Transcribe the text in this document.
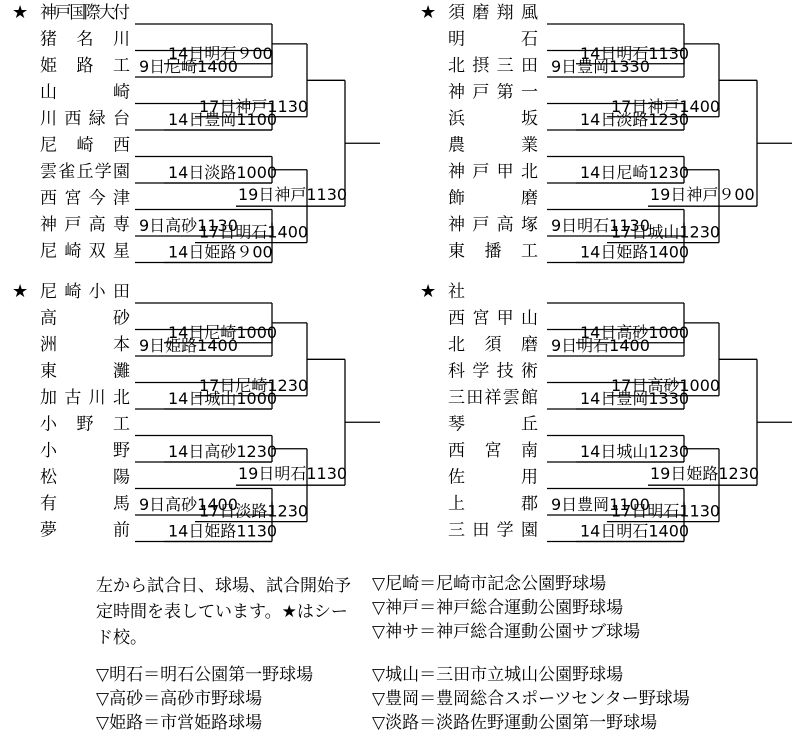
神戸国際大付
★
猪名川
姫路工
山崎
川西緑台
尼崎西
雲雀丘学園
西宮今津
神戸高専
尼崎双星
9日尼崎1400
9日高砂1130
14日明石９00
14日豊岡1100
14日淡路1000
14日姫路９00
17日神戸1130
17日明石1400
19日神戸1130
須磨翔風
★
明石
北摂三田
神戸第一
浜坂
農業
神戸甲北
飾磨
神戸高塚
東播工
9日豊岡1330
9日明石1130
14日明石1130
14日淡路1230
14日尼崎1230
14日姫路1400
17日神戸1400
17日城山1230
19日神戸９00
尼崎小田
★
高砂
洲本
東灘
加古川北
小野工
小野
松陽
有馬
夢前
9日姫路1400
9日高砂1400
14日尼崎1000
14日城山1000
14日高砂1230
14日姫路1130
17日尼崎1230
17日淡路1230
19日明石1130
社
★
西宮甲山
北須磨
科学技術
三田祥雲館
琴丘
西宮南
佐用
上郡
三田学園
9日明石1400
9日豊岡1100
14日高砂1000
14日豊岡1330
14日城山1230
14日明石1400
17日高砂1000
17日明石1130
19日姫路1230

左から試合日、球場、試合開始予定時間を表しています。★はシード校。

▽尼崎＝尼崎市記念公園野球場
▽神戸＝神戸総合運動公園野球場
▽神サ＝神戸総合運動公園サブ球場
▽明石＝明石公園第一野球場
▽高砂＝高砂市野球場
▽姫路＝市営姫路球場
▽城山＝三田市立城山公園野球場
▽豊岡＝豊岡総合スポーツセンター野球場
▽淡路＝淡路佐野運動公園第一野球場
